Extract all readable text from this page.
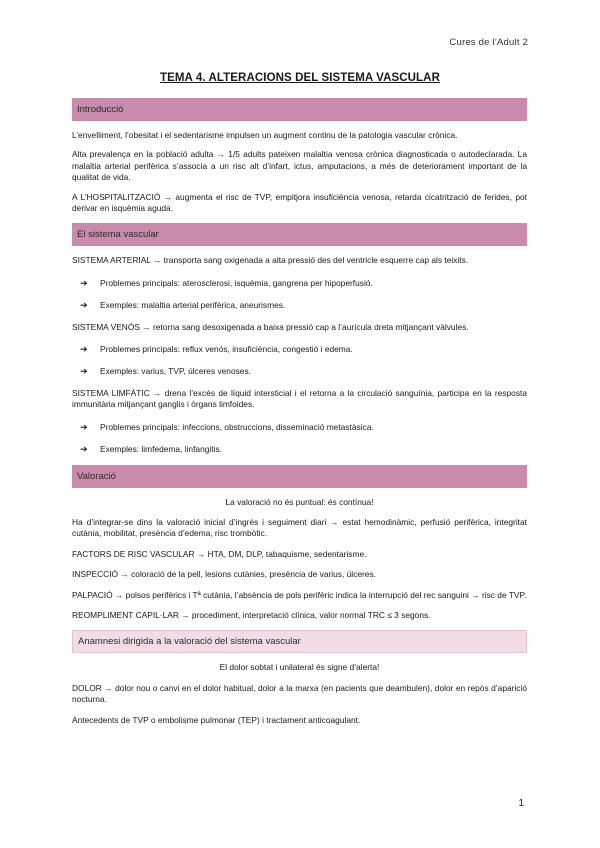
Cures de l’Adult 2
TEMA 4. ALTERACIONS DEL SISTEMA VASCULAR
Introducció

L’envelliment, l’obesitat i el sedentarisme impulsen un augment continu de la patologia vascular crònica.

Alta prevalença en la població adulta → 1/5 adults pateixen malaltia venosa crònica diagnosticada o autodeclarada. La malaltia arterial perifèrica s’associa a un risc alt d’infart, ictus, amputacions, a més de deteriorament important de la qualitat de vida.

A L’HOSPITALITZACIÓ → augmenta el risc de TVP, empitjora insuficiència venosa, retarda cicatrització de ferides, pot derivar en isquèmia aguda.

El sistema vascular

SISTEMA ARTERIAL → transporta sang oxigenada a alta pressió des del ventricle esquerre cap als teixits.

➔ Problemes principals: aterosclerosi, isquèmia, gangrena per hipoperfusió.
➔ Exemples: malaltia arterial perifèrica, aneurismes.

SISTEMA VENÓS → retorna sang desoxigenada a baixa pressió cap a l’aurícula dreta mitjançant vàlvules.

➔ Problemes principals: reflux venós, insuficiència, congestió i edema.
➔ Exemples: varius, TVP, úlceres venoses.

SISTEMA LIMFÀTIC → drena l’excés de líquid intersticial i el retorna a la circulació sanguínia, participa en la resposta immunitària mitjançant ganglis i òrgans limfoides.

➔ Problemes principals: infeccions, obstruccions, disseminació metastàsica.
➔ Exemples: limfedema, linfangitis.
Valoració

La valoració no és puntual: és contínua!

Ha d’integrar-se dins la valoració inicial d’ingrés i seguiment diari → estat hemodinàmic, perfusió perifèrica, integritat cutània, mobilitat, presència d’edema, risc trombòtic.

FACTORS DE RISC VASCULAR → HTA, DM, DLP, tabaquisme, sedentarisme.

INSPECCIÓ → coloració de la pell, lesions cutànies, presència de varius, úlceres.

PALPACIÓ → polsos perifèrics i Tª cutània, l’absència de pols perifèric indica la interrupció del rec sanguini → risc de TVP.

REOMPLIMENT CAPIL·LAR → procediment, interpretació clínica, valor normal TRC ≤ 3 segons.

Anamnesi dirigida a la valoració del sistema vascular

El dolor sobtat i unilateral és signe d’alerta!

DOLOR → dolor nou o canvi en el dolor habitual, dolor a la marxa (en pacients que deambulen), dolor en repòs d’aparició nocturna.

Antecedents de TVP o embolisme pulmonar (TEP) i tractament anticoagulant.

1
